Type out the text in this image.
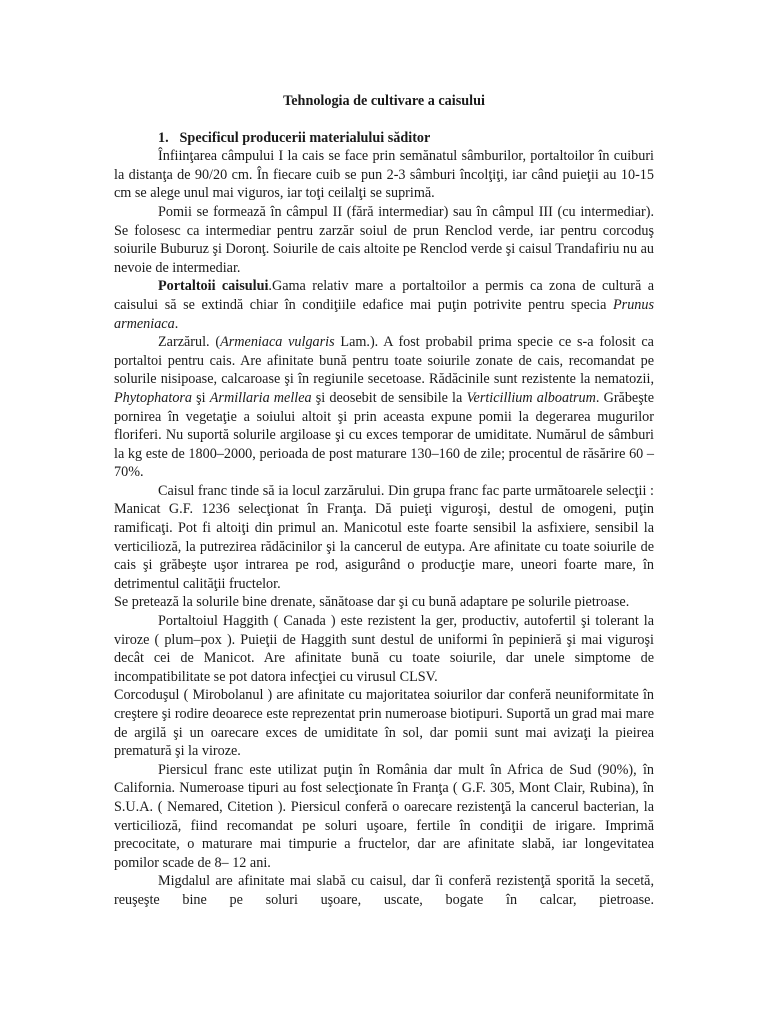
Tehnologia de cultivare a caisului
1. Specificul producerii materialului săditor

Înfiinţarea câmpului I la cais se face prin semănatul sâmburilor, portaltoilor în cuiburi la distanţa de 90/20 cm. În fiecare cuib se pun 2-3 sâmburi încolţiţi, iar când puieţii au 10-15 cm se alege unul mai viguros, iar toţi ceilalţi se suprimă.

Pomii se formează în câmpul II (fără intermediar) sau în câmpul III (cu intermediar). Se folosesc ca intermediar pentru zarzăr soiul de prun Renclod verde, iar pentru corcoduş soiurile Buburuz şi Doronţ. Soiurile de cais altoite pe Renclod verde şi caisul Trandafiriu nu au nevoie de intermediar.

Portaltoii caisului.Gama relativ mare a portaltoilor a permis ca zona de cultură a caisului să se extindă chiar în condiţiile edafice mai puţin potrivite pentru specia Prunus armeniaca.

Zarzărul. (Armeniaca vulgaris Lam.). A fost probabil prima specie ce s-a folosit ca portaltoi pentru cais. Are afinitate bună pentru toate soiurile zonate de cais, recomandat pe solurile nisipoase, calcaroase şi în regiunile secetoase. Rădăcinile sunt rezistente la nematozii, Phytophatora şi Armillaria mellea şi deosebit de sensibile la Verticillium alboatrum. Grăbeşte pornirea în vegetaţie a soiului altoit şi prin aceasta expune pomii la degerarea mugurilor floriferi. Nu suportă solurile argiloase şi cu exces temporar de umiditate. Numărul de sâmburi la kg este de 1800–2000, perioada de post maturare 130–160 de zile; procentul de răsărire 60 – 70%.

Caisul franc tinde să ia locul zarzărului. Din grupa franc fac parte următoarele selecţii : Manicat G.F. 1236 selecţionat în Franţa. Dă puieţi viguroşi, destul de omogeni, puţin ramificaţi. Pot fi altoiţi din primul an. Manicotul este foarte sensibil la asfixiere, sensibil la verticilioză, la putrezirea rădăcinilor şi la cancerul de eutypa. Are afinitate cu toate soiurile de cais şi grăbeşte uşor intrarea pe rod, asigurând o producţie mare, uneori foarte mare, în detrimentul calităţii fructelor.

Se pretează la solurile bine drenate, sănătoase dar şi cu bună adaptare pe solurile pietroase.

Portaltoiul Haggith ( Canada ) este rezistent la ger, productiv, autofertil şi tolerant la viroze ( plum–pox ). Puieţii de Haggith sunt destul de uniformi în pepinieră şi mai viguroşi decât cei de Manicot. Are afinitate bună cu toate soiurile, dar unele simptome de incompatibilitate se pot datora infecţiei cu virusul CLSV.

Corcoduşul ( Mirobolanul ) are afinitate cu majoritatea soiurilor dar conferă neuniformitate în creştere şi rodire deoarece este reprezentat prin numeroase biotipuri. Suportă un grad mai mare de argilă şi un oarecare exces de umiditate în sol, dar pomii sunt mai avizaţi la pieirea prematură şi la viroze.

Piersicul franc este utilizat puţin în România dar mult în Africa de Sud (90%), în California. Numeroase tipuri au fost selecţionate în Franţa ( G.F. 305, Mont Clair, Rubina), în S.U.A. ( Nemared, Citetion ). Piersicul conferă o oarecare rezistenţă la cancerul bacterian, la verticilioză, fiind recomandat pe soluri uşoare, fertile în condiţii de irigare. Imprimă precocitate, o maturare mai timpurie a fructelor, dar are afinitate slabă, iar longevitatea pomilor scade de 8– 12 ani.

Migdalul are afinitate mai slabă cu caisul, dar îi conferă rezistenţă sporită la secetă, reuşeşte bine pe soluri uşoare, uscate, bogate în calcar, pietroase.
